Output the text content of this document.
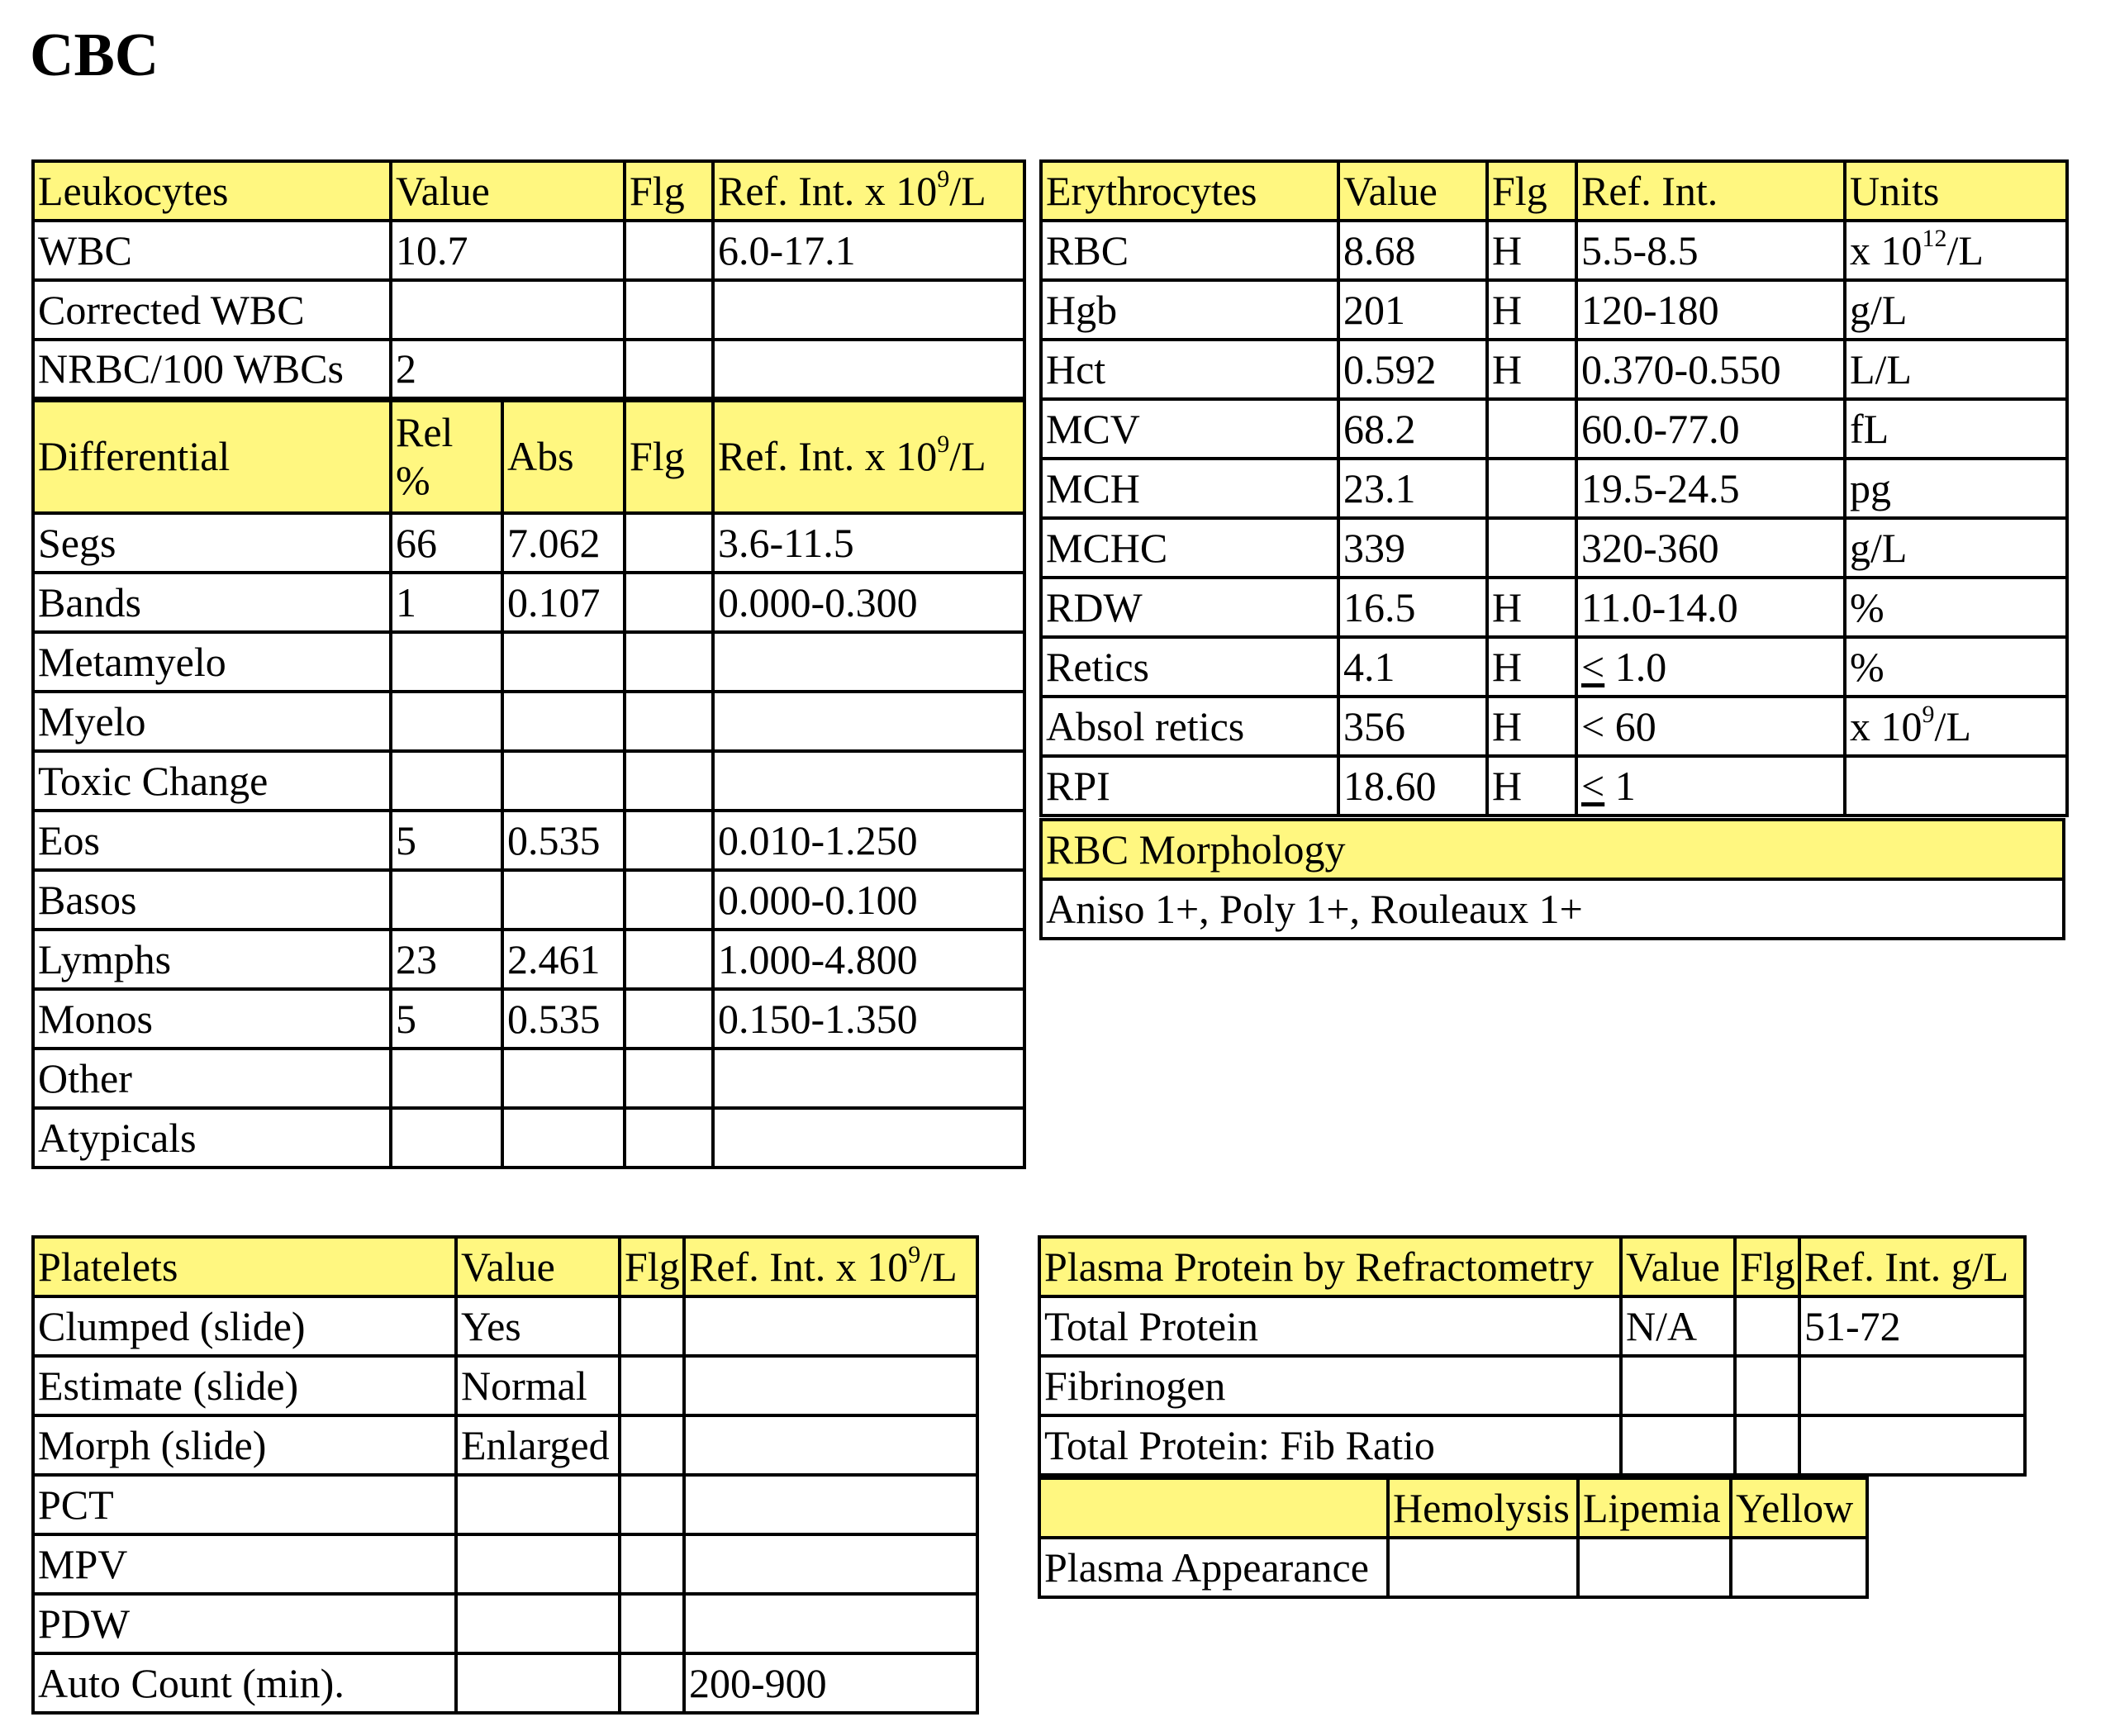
CBC
Leukocytes	Value		Flg	Ref. Int. x $10^9/L$
WBC	10.7			6.0-17.1
Corrected WBC				
NRBC/100 WBCs	2			
Differential	Rel %	Abs	Flg	Ref. Int. x $10^9/L$
Segs	66	7.062		3.6-11.5
Bands	1	0.107		0.000-0.300
Metamyelo				
Myelo				
Toxic Change				
Eos	5	0.535		0.010-1.250
Basos				0.000-0.100
Lymphs	23	2.461		1.000-4.800
Monos	5	0.535		0.150-1.350
Other				
Atypicals				
Erythrocytes	Value	Flg	Ref. Int.	Units
RBC	8.68	H	5.5-8.5	x $10^{12}/L$
Hgb	201	H	120-180	g/L
Hct	0.592	H	0.370-0.550	L/L
MCV	68.2		60.0-77.0	fL
MCH	23.1		19.5-24.5	pg
MCHC	339		320-360	g/L
RDW	16.5	H	11.0-14.0	%
Retics	4.1	H	≤ 1.0	%
Absol retics	356	H	< 60	x $10^9/L$
RPI	18.60	H	≤ 1	
RBC Morphology
Aniso 1+, Poly 1+, Rouleaux 1+
Platelets	Value	Flg	Ref. Int. x $10^9/L$
Clumped (slide)	Yes		
Estimate (slide)	Normal		
Morph (slide)	Enlarged		
PCT			
MPV			
PDW			
Auto Count (min).			200-900
Plasma Protein by Refractometry	Value	Flg	Ref. Int. g/L
Total Protein	N/A		51-72
Fibrinogen			
Total Protein: Fib Ratio			
	Hemolysis	Lipemia	Yellow
Plasma Appearance			
